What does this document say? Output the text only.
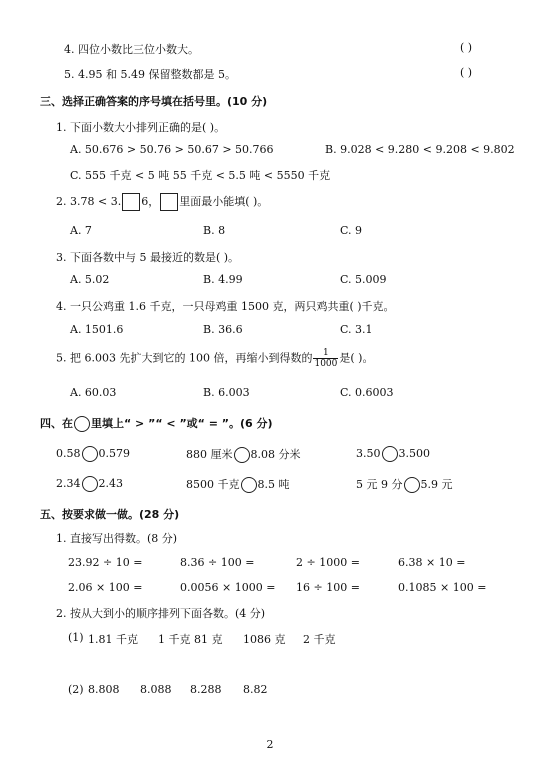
4. 四位小数比三位小数大。	( )
5. 4.95 和 5.49 保留整数都是 5。	( )
三、选择正确答案的序号填在括号里。(10 分)
1. 下面小数大小排列正确的是( )。
A. 50.676 > 50.76 > 50.67 > 50.766	B. 9.028 < 9.280 < 9.208 < 9.802
C. 555 千克 < 5 吨 55 千克 < 5.5 吨 < 5550 千克
2. 3.78 < 3. 6， 里面最小能填( )。
A. 7	B. 8	C. 9
3. 下面各数中与 5 最接近的数是( )。
A. 5.02	B. 4.99	C. 5.009
4. 一只公鸡重 1.6 千克，一只母鸡重 1500 克，两只鸡共重( )千克。
A. 1501.6	B. 36.6	C. 3.1
5. 把 6.003 先扩大到它的 100 倍，再缩小到得数的 $\frac{1}{1000}$ 是( )。
A. 60.03	B. 6.003	C. 0.6003
四、在 里填上“ > ”“ < ”或“ = ”。(6 分)
0.58 0.579	880 厘米 8.08 分米	3.50 3.500
2.34 2.43	8500 千克 8.5 吨	5 元 9 分 5.9 元
五、按要求做一做。(28 分)
1. 直接写出得数。(8 分)
23.92 ÷ 10 =	8.36 ÷ 100 =	2 ÷ 1000 =	6.38 × 10 =
2.06 × 100 =	0.0056 × 1000 = 16 ÷ 100 =	0.1085 × 100 =
2. 按从大到小的顺序排列下面各数。(4 分)
(1) 1.81 千克 1 千克 81 克 1086 克 2 千克
(2) 8.808 8.088 8.288 8.82
2
